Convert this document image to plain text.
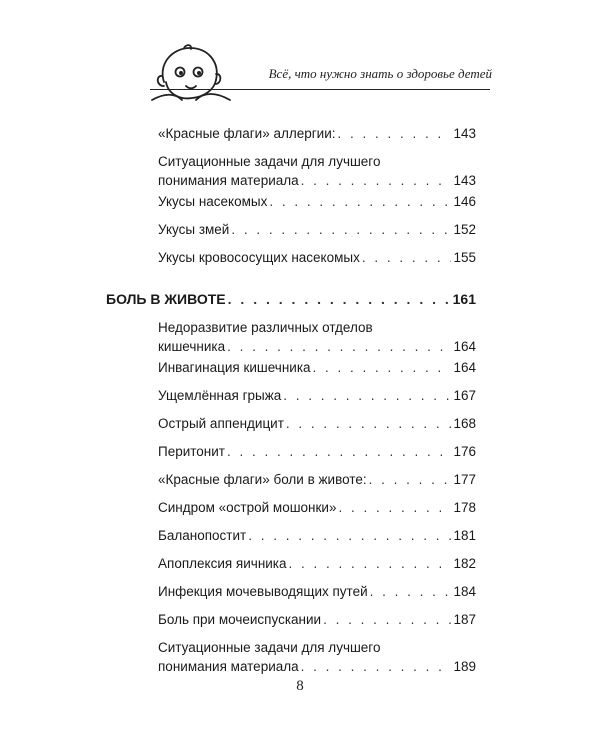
Всё, что нужно знать о здоровье детей
«Красные флаги» аллергии: . . .	143
Ситуационные задачи для лучшего
понимания материала . . .	143
Укусы насекомых . . .	146
Укусы змей . . .	152
Укусы кровососущих насекомых . . .	155
БОЛЬ В ЖИВОТЕ . . .	161
Недоразвитие различных отделов
кишечника . . .	164
Инвагинация кишечника . . .	164
Ущемлённая грыжа . . .	167
Острый аппендицит . . .	168
Перитонит . . .	176
«Красные флаги» боли в животе: . . .	177
Синдром «острой мошонки» . . .	178
Баланопостит . . .	181
Апоплексия яичника . . .	182
Инфекция мочевыводящих путей . . .	184
Боль при мочеиспускании . . .	187
Ситуационные задачи для лучшего
понимания материала . . .	189
8
